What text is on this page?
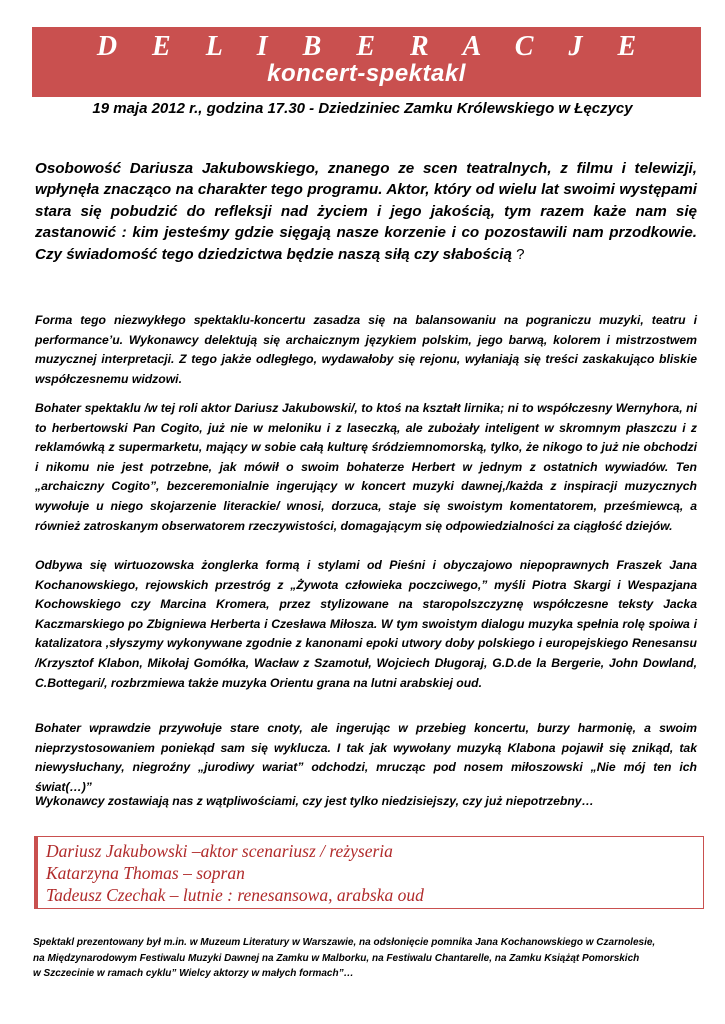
D E L I B E R A C J E
koncert-spektakl
19 maja 2012 r., godzina 17.30 - Dziedziniec Zamku Królewskiego w Łęczycy
Osobowość Dariusza Jakubowskiego, znanego ze scen teatralnych, z filmu i telewizji, wpłynęła znacząco na charakter tego programu. Aktor, który od wielu lat swoimi występami stara się pobudzić do refleksji nad życiem i jego jakością, tym razem każe nam się zastanowić : kim jesteśmy gdzie sięgają nasze korzenie i co pozostawili nam przodkowie. Czy świadomość tego dziedzictwa będzie naszą siłą czy słabością ?
Forma tego niezwykłego spektaklu-koncertu zasadza się na balansowaniu na pograniczu muzyki, teatru i performance’u. Wykonawcy delektują się archaicznym językiem polskim, jego barwą, kolorem i mistrzostwem muzycznej interpretacji. Z tego jakże odległego, wydawałoby się rejonu, wyłaniają się treści zaskakująco bliskie współczesnemu widzowi.
Bohater spektaklu /w tej roli aktor Dariusz Jakubowski/, to ktoś na kształt lirnika; ni to współczesny Wernyhora, ni to herbertowski Pan Cogito, już nie w meloniku i z laseczką, ale zubożały inteligent w skromnym płaszczu i z reklamówką z supermarketu, mający w sobie całą kulturę śródziemnomorską, tylko, że nikogo to już nie obchodzi i nikomu nie jest potrzebne, jak mówił o swoim bohaterze Herbert w jednym z ostatnich wywiadów. Ten „archaiczny Cogito”, bezceremonialnie ingerujący w koncert muzyki dawnej,/każda z inspiracji muzycznych wywołuje u niego skojarzenie literackie/ wnosi, dorzuca, staje się swoistym komentatorem, prześmiewcą, a również zatroskanym obserwatorem rzeczywistości, domagającym się odpowiedzialności za ciągłość dziejów.
Odbywa się wirtuozowska żonglerka formą i stylami od Pieśni i obyczajowo niepoprawnych Fraszek Jana Kochanowskiego, rejowskich przestróg z „Żywota człowieka poczciwego,” myśli Piotra Skargi i Wespazjana Kochowskiego czy Marcina Kromera, przez stylizowane na staropolszczyznę współczesne teksty Jacka Kaczmarskiego po Zbigniewa Herberta i Czesława Miłosza. W tym swoistym dialogu muzyka spełnia rolę spoiwa i katalizatora ,słyszymy wykonywane zgodnie z kanonami epoki utwory doby polskiego i europejskiego Renesansu /Krzysztof Klabon, Mikołaj Gomółka, Wacław z Szamotuł, Wojciech Długoraj, G.D.de la Bergerie, John Dowland, C.Bottegari/, rozbrzmiewa także muzyka Orientu grana na lutni arabskiej oud.
Bohater wprawdzie przywołuje stare cnoty, ale ingerując w przebieg koncertu, burzy harmonię, a swoim nieprzystosowaniem poniekąd sam się wyklucza. I tak jak wywołany muzyką Klabona pojawił się znikąd, tak niewysłuchany, niegroźny „jurodiwy wariat” odchodzi, mrucząc pod nosem miłoszowski „Nie mój ten ich świat(…)”
Wykonawcy zostawiają nas z wątpliwościami, czy jest tylko niedzisiejszy, czy już niepotrzebny…
Dariusz Jakubowski –aktor scenariusz / reżyseria
Katarzyna Thomas – sopran
Tadeusz Czechak – lutnie : renesansowa, arabska oud
Spektakl prezentowany był m.in. w Muzeum Literatury w Warszawie, na odsłonięcie pomnika Jana Kochanowskiego w Czarnolesie,
na Międzynarodowym Festiwalu Muzyki Dawnej na Zamku w Malborku, na Festiwalu Chantarelle, na Zamku Książąt Pomorskich
w Szczecinie w ramach cyklu” Wielcy aktorzy w małych formach”…
